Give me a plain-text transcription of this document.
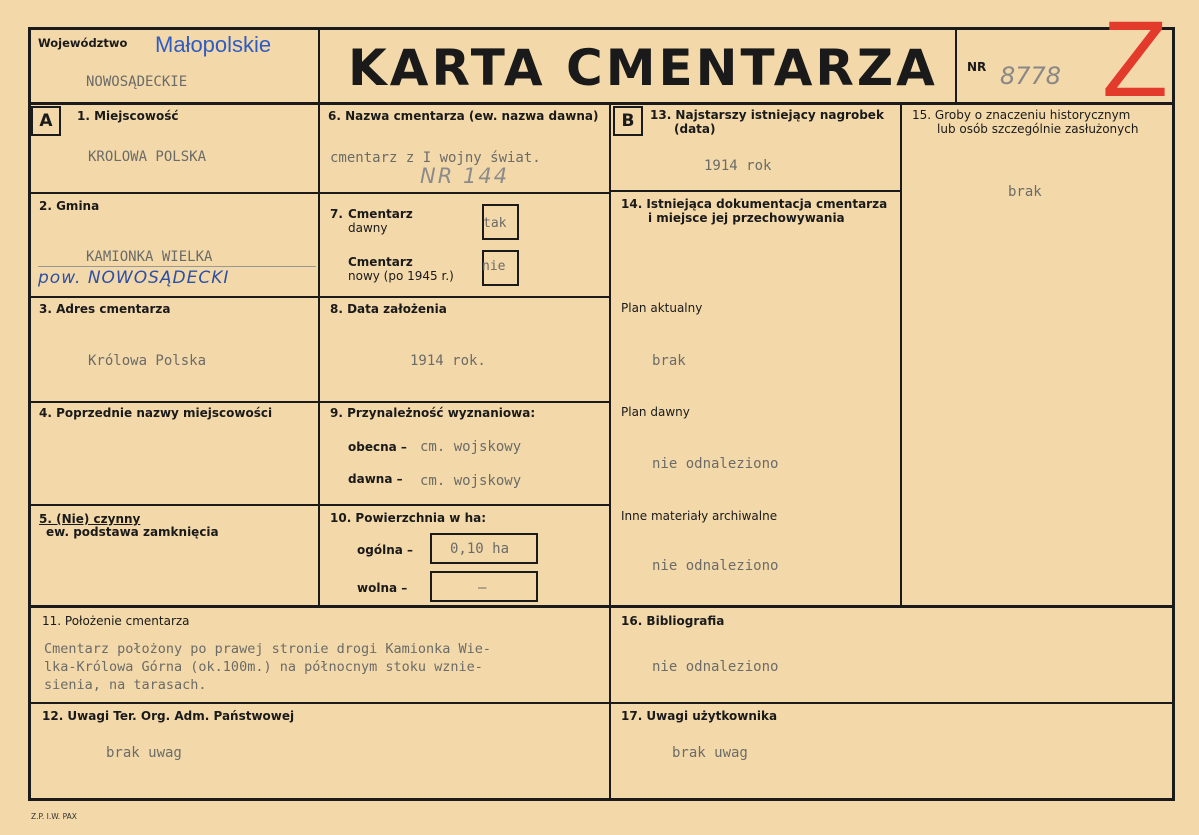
Województwo Małopolskie
NOWOSĄDECKIE	KARTA CMENTARZA NR 8778 Z
A	B
1. Miejscowość
KROLOWA POLSKA
2. Gmina
KAMIONKA WIELKA
pow. NOWOSĄDECKI
3. Adres cmentarza
Królowa Polska
4. Poprzednie nazwy miejscowości
5. (Nie) czynny
ew. podstawa zamknięcia
6. Nazwa cmentarza (ew. nazwa dawna)
cmentarz z I wojny świat.
NR 144
7. Cmentarz
dawny	tak
Cmentarz
nowy (po 1945 r.)
nie
8. Data założenia
1914 rok.
9. Przynależność wyznaniowa:
obecna – cm. wojskowy
dawna – cm. wojskowy
10. Powierzchnia w ha:
ogólna –	0,10 ha
wolna –	–
13. Najstarszy istniejący nagrobek
(data)
1914 rok
14. Istniejąca dokumentacja cmentarza
i miejsce jej przechowywania
Plan aktualny
brak
Plan dawny
nie odnaleziono
Inne materiały archiwalne
nie odnaleziono
15. Groby o znaczeniu historycznym
lub osób szczególnie zasłużonych
brak
11. Położenie cmentarza
Cmentarz położony po prawej stronie drogi Kamionka Wie-
lka-Królowa Górna (ok.100m.) na północnym stoku wznie-
sienia, na tarasach.
16. Bibliografia
nie odnaleziono
12. Uwagi Ter. Org. Adm. Państwowej
brak uwag
17. Uwagi użytkownika
brak uwag
Z.P. I.W. PAX
